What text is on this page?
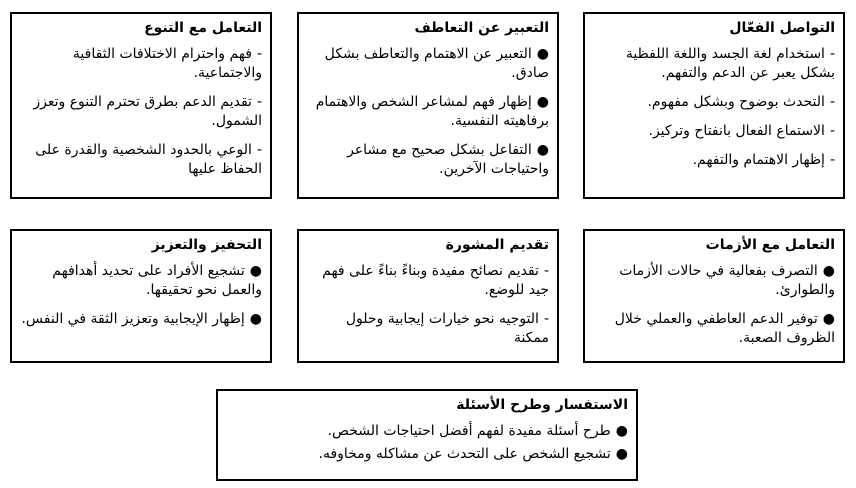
التواصل الفعّال
-استخدام لغة الجسد واللغة اللفظية بشكل يعبر عن الدعم والتفهم.
-التحدث بوضوح وبشكل مفهوم.
-الاستماع الفعال بانفتاح وتركيز.
-إظهار الاهتمام والتفهم.
التعبير عن التعاطف
●التعبير عن الاهتمام والتعاطف بشكل صادق.
●إظهار فهم لمشاعر الشخص والاهتمام برفاهيته النفسية.
●التفاعل بشكل صحيح مع مشاعر واحتياجات الآخرين.
التعامل مع التنوع
-فهم واحترام الاختلافات الثقافية والاجتماعية.
-تقديم الدعم بطرق تحترم التنوع وتعزز الشمول.
-الوعي بالحدود الشخصية والقدرة على الحفاظ عليها
التعامل مع الأزمات
●التصرف بفعالية في حالات الأزمات والطوارئ.
●توفير الدعم العاطفي والعملي خلال الظروف الصعبة.
تقديم المشورة
-تقديم نصائح مفيدة وبناءً بناءً على فهم جيد للوضع.
-التوجيه نحو خيارات إيجابية وحلول ممكنة
التحفيز والتعزيز
●تشجيع الأفراد على تحديد أهدافهم والعمل نحو تحقيقها.
●إظهار الإيجابية وتعزيز الثقة في النفس.
الاستفسار وطرح الأسئلة
●طرح أسئلة مفيدة لفهم أفضل احتياجات الشخص.
●تشجيع الشخص على التحدث عن مشاكله ومخاوفه.
